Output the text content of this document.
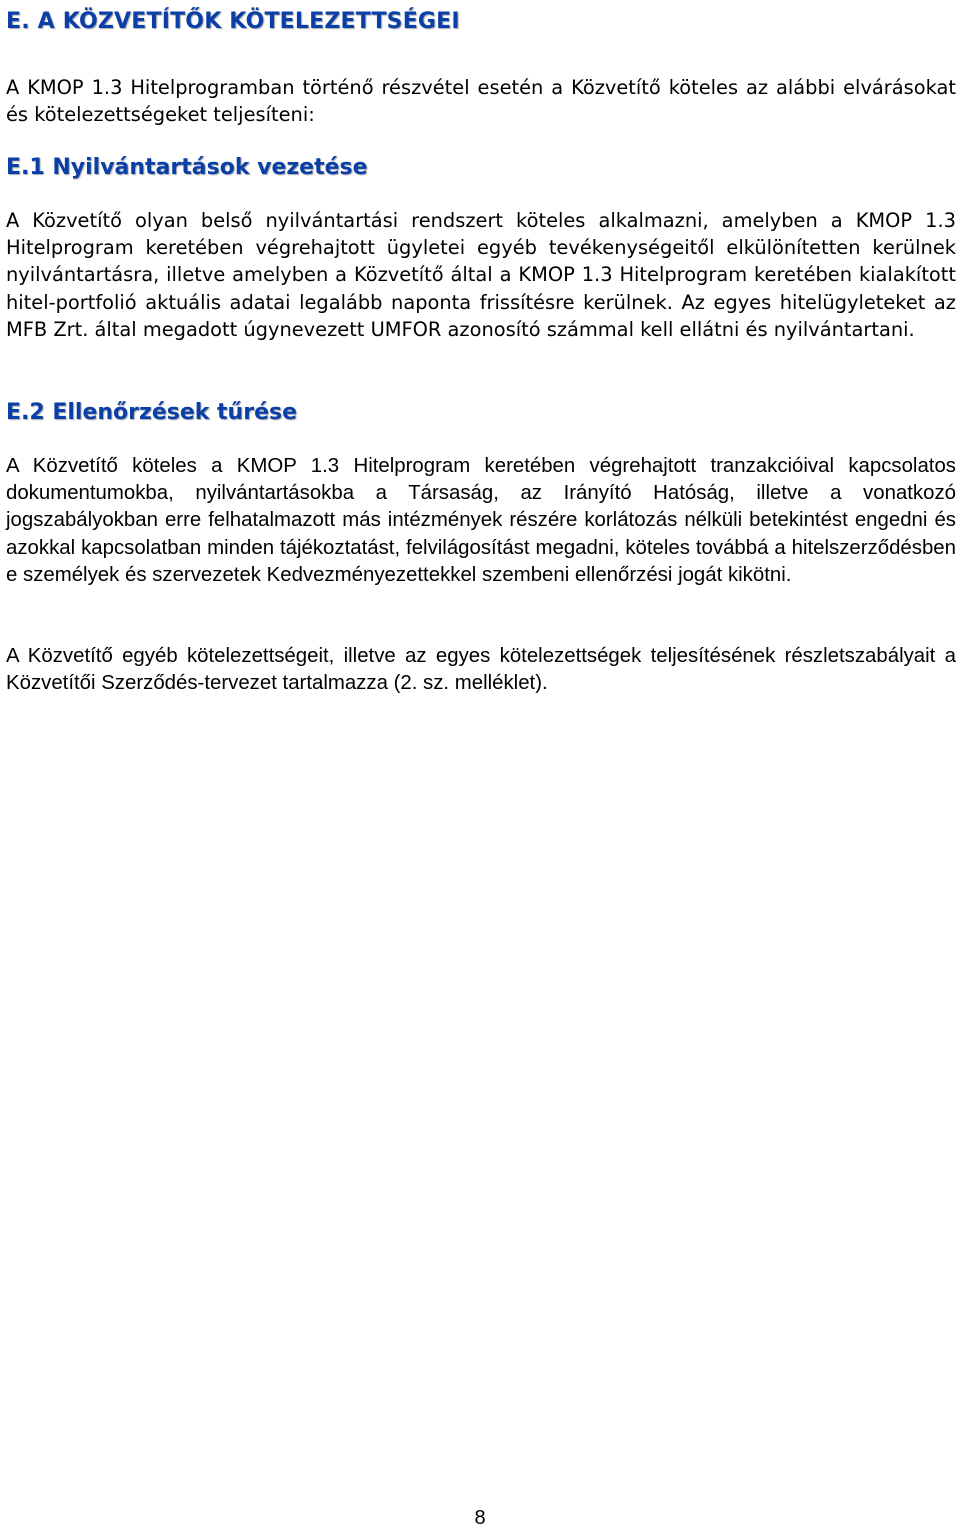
E. A KÖZVETÍTŐK KÖTELEZETTSÉGEI

A KMOP 1.3 Hitelprogramban történő részvétel esetén a Közvetítő köteles az alábbi elvárásokat és kötelezettségeket teljesíteni:

E.1 Nyilvántartások vezetése

A Közvetítő olyan belső nyilvántartási rendszert köteles alkalmazni, amelyben a KMOP 1.3 Hitelprogram keretében végrehajtott ügyletei egyéb tevékenységeitől elkülönítetten kerülnek nyilvántartásra, illetve amelyben a Közvetítő által a KMOP 1.3 Hitelprogram keretében kialakított hitel-portfolió aktuális adatai legalább naponta frissítésre kerülnek. Az egyes hitelügyleteket az MFB Zrt. által megadott úgynevezett UMFOR azonosító számmal kell ellátni és nyilvántartani.

E.2 Ellenőrzések tűrése

A Közvetítő köteles a KMOP 1.3 Hitelprogram keretében végrehajtott tranzakcióival kapcsolatos dokumentumokba, nyilvántartásokba a Társaság, az Irányító Hatóság, illetve a vonatkozó jogszabályokban erre felhatalmazott más intézmények részére korlátozás nélküli betekintést engedni és azokkal kapcsolatban minden tájékoztatást, felvilágosítást megadni, köteles továbbá a hitelszerződésben e személyek és szervezetek Kedvezményezettekkel szembeni ellenőrzési jogát kikötni.

A Közvetítő egyéb kötelezettségeit, illetve az egyes kötelezettségek teljesítésének részletszabályait a Közvetítői Szerződés-tervezet tartalmazza (2. sz. melléklet).

8
